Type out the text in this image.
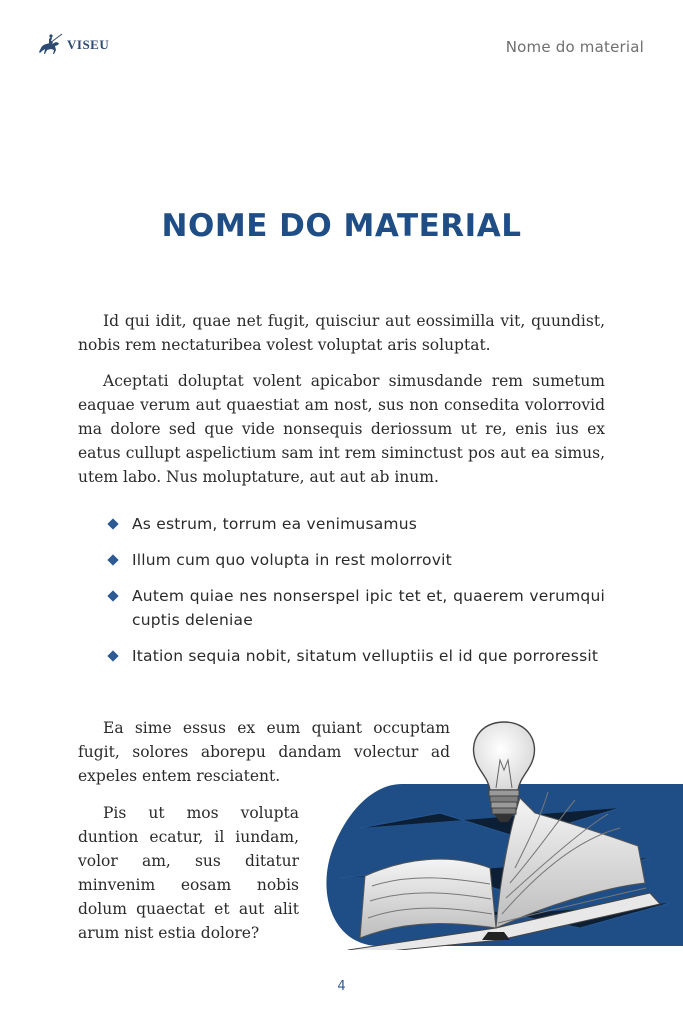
VISEU	Nome do material
NOME DO MATERIAL

Id qui idit, quae net fugit, quisciur aut eossimilla vit, quundist, nobis rem nectaturibea volest voluptat aris soluptat.

Aceptati doluptat volent apicabor simusdande rem sumetum eaquae verum aut quaestiat am nost, sus non consedita volorrovid ma dolore sed que vide nonsequis deriossum ut re, enis ius ex eatus cullupt aspelictium sam int rem siminctust pos aut ea simus, utem labo. Nus moluptature, aut aut ab inum.

As estrum, torrum ea venimusamus
Illum cum quo volupta in rest molorrovit
Autem quiae nes nonserspel ipic tet et, quaerem verumqui cuptis deleniae
Itation sequia nobit, sitatum velluptiis el id que porroressit

Ea sime essus ex eum quiant occuptam fugit, solores aborepu dandam volectur ad expeles entem resciatent.

Pis ut mos volupta duntion ecatur, il iundam, volor am, sus ditatur minvenim eosam nobis dolum quaectat et aut alit arum nist estia dolore?

4
